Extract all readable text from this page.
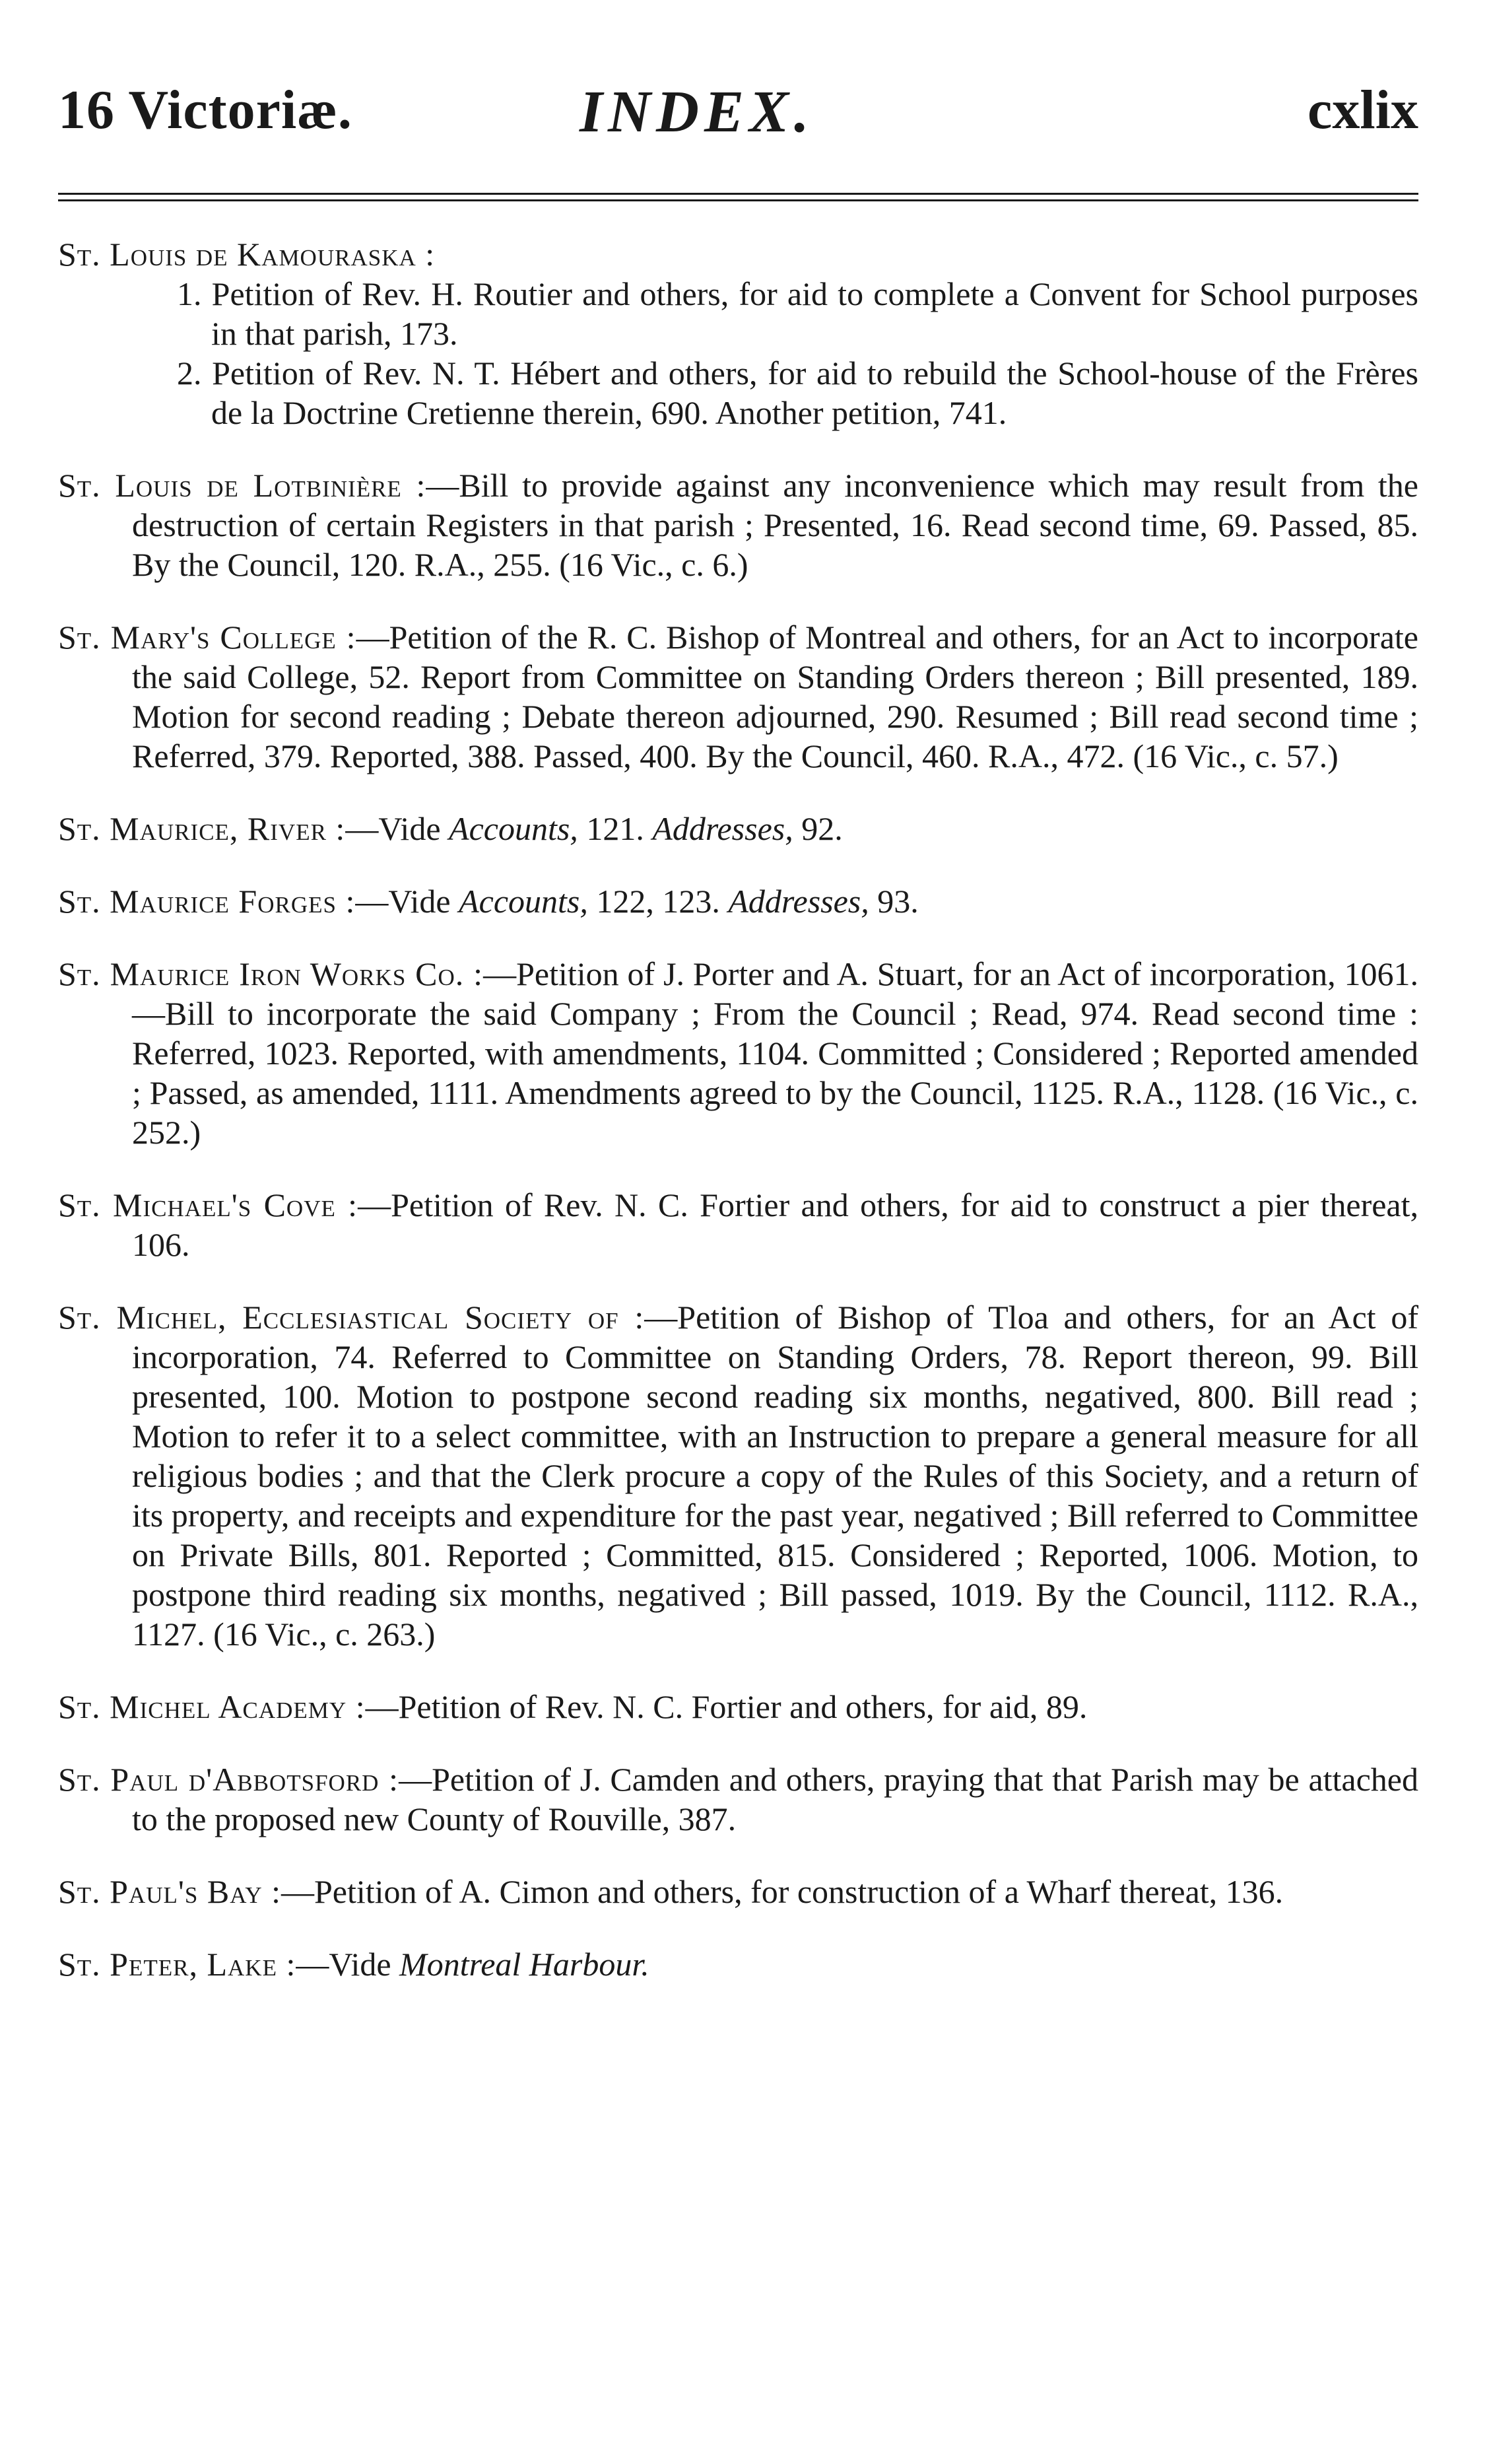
16 Victoriæ.	INDEX.	cxlix

St. Louis de Kamouraska :

1. Petition of Rev. H. Routier and others, for aid to complete a Convent for School purposes in that parish, 173.

2. Petition of Rev. N. T. Hébert and others, for aid to rebuild the School-house of the Frères de la Doctrine Cretienne therein, 690. Another petition, 741.

St. Louis de Lotbinière :—Bill to provide against any inconvenience which may result from the destruction of certain Registers in that parish ; Presented, 16. Read second time, 69. Passed, 85. By the Council, 120. R.A., 255. (16 Vic., c. 6.)

St. Mary's College :—Petition of the R. C. Bishop of Montreal and others, for an Act to incorporate the said College, 52. Report from Committee on Standing Orders thereon ; Bill presented, 189. Motion for second reading ; Debate thereon adjourned, 290. Resumed ; Bill read second time ; Referred, 379. Reported, 388. Passed, 400. By the Council, 460. R.A., 472. (16 Vic., c. 57.)

St. Maurice, River :—Vide Accounts, 121. Addresses, 92.

St. Maurice Forges :—Vide Accounts, 122, 123. Addresses, 93.

St. Maurice Iron Works Co. :—Petition of J. Porter and A. Stuart, for an Act of incorporation, 1061.—Bill to incorporate the said Company ; From the Council ; Read, 974. Read second time : Referred, 1023. Reported, with amendments, 1104. Committed ; Considered ; Reported amended ; Passed, as amended, 1111. Amendments agreed to by the Council, 1125. R.A., 1128. (16 Vic., c. 252.)

St. Michael's Cove :—Petition of Rev. N. C. Fortier and others, for aid to construct a pier thereat, 106.

St. Michel, Ecclesiastical Society of :—Petition of Bishop of Tloa and others, for an Act of incorporation, 74. Referred to Committee on Standing Orders, 78. Report thereon, 99. Bill presented, 100. Motion to postpone second reading six months, negatived, 800. Bill read ; Motion to refer it to a select committee, with an Instruction to prepare a general measure for all religious bodies ; and that the Clerk procure a copy of the Rules of this Society, and a return of its property, and receipts and expenditure for the past year, negatived ; Bill referred to Committee on Private Bills, 801. Reported ; Committed, 815. Considered ; Reported, 1006. Motion, to postpone third reading six months, negatived ; Bill passed, 1019. By the Council, 1112. R.A., 1127. (16 Vic., c. 263.)

St. Michel Academy :—Petition of Rev. N. C. Fortier and others, for aid, 89.

St. Paul d'Abbotsford :—Petition of J. Camden and others, praying that that Parish may be attached to the proposed new County of Rouville, 387.

St. Paul's Bay :—Petition of A. Cimon and others, for construction of a Wharf thereat, 136.

St. Peter, Lake :—Vide Montreal Harbour.
